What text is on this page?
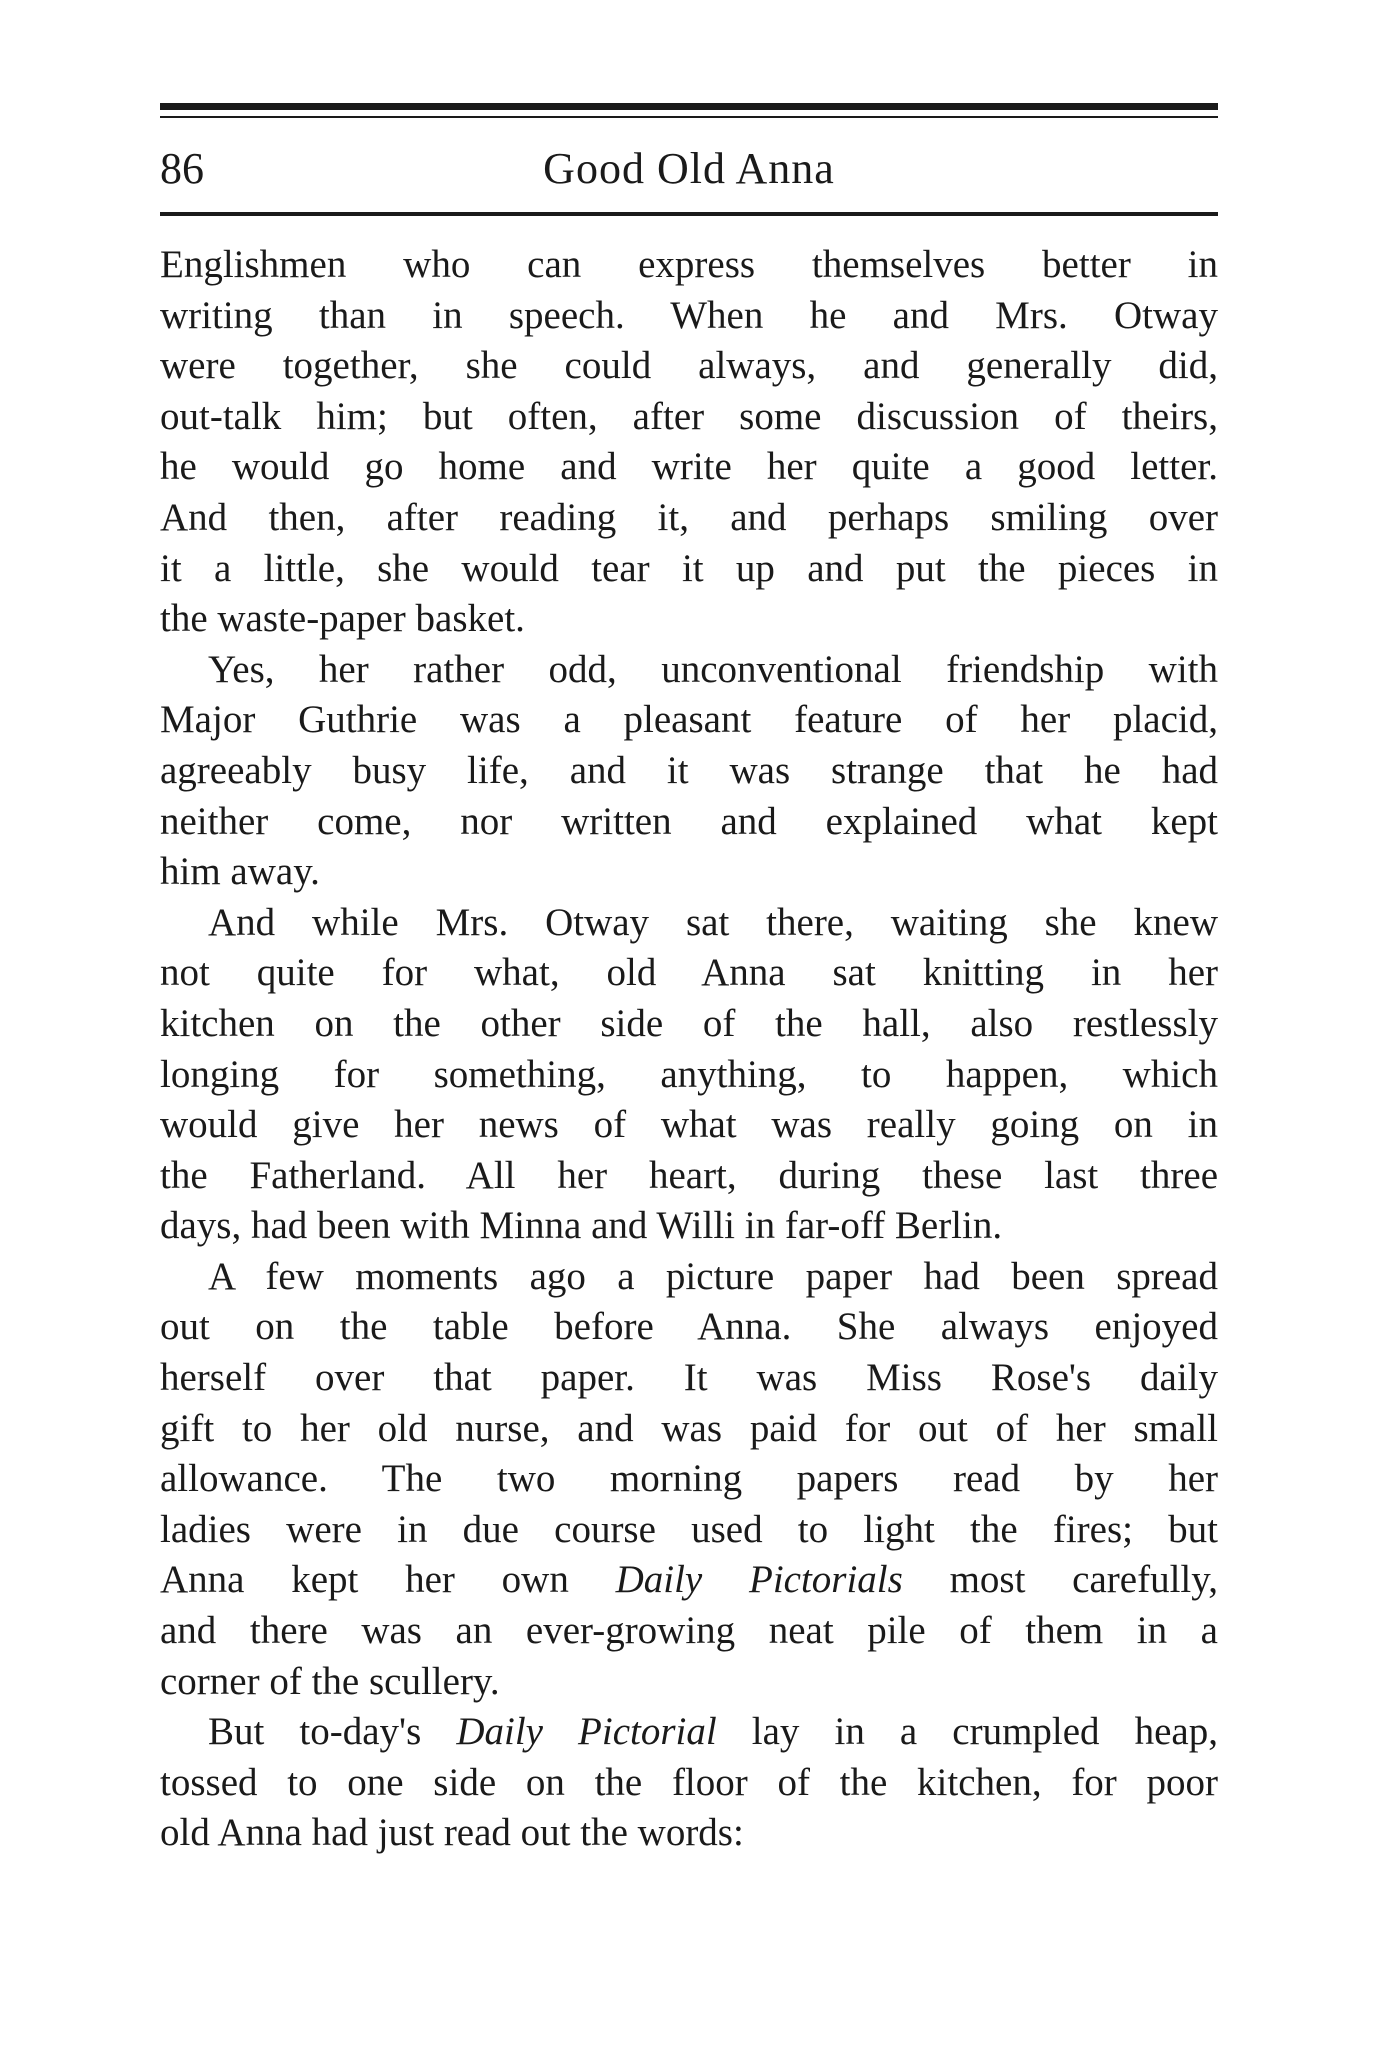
86	Good Old Anna

Englishmen who can express themselves better in
writing than in speech. When he and Mrs. Otway
were together, she could always, and generally did,
out-talk him; but often, after some discussion of theirs,
he would go home and write her quite a good letter.
And then, after reading it, and perhaps smiling over
it a little, she would tear it up and put the pieces in
the waste-paper basket.

Yes, her rather odd, unconventional friendship with
Major Guthrie was a pleasant feature of her placid,
agreeably busy life, and it was strange that he had
neither come, nor written and explained what kept
him away.

And while Mrs. Otway sat there, waiting she knew
not quite for what, old Anna sat knitting in her
kitchen on the other side of the hall, also restlessly
longing for something, anything, to happen, which
would give her news of what was really going on in
the Fatherland. All her heart, during these last three
days, had been with Minna and Willi in far-off Berlin.

A few moments ago a picture paper had been spread
out on the table before Anna. She always enjoyed
herself over that paper. It was Miss Rose's daily
gift to her old nurse, and was paid for out of her small
allowance. The two morning papers read by her
ladies were in due course used to light the fires; but
Anna kept her own Daily Pictorials most carefully,
and there was an ever-growing neat pile of them in a
corner of the scullery.

But to-day's Daily Pictorial lay in a crumpled heap,
tossed to one side on the floor of the kitchen, for poor
old Anna had just read out the words:
